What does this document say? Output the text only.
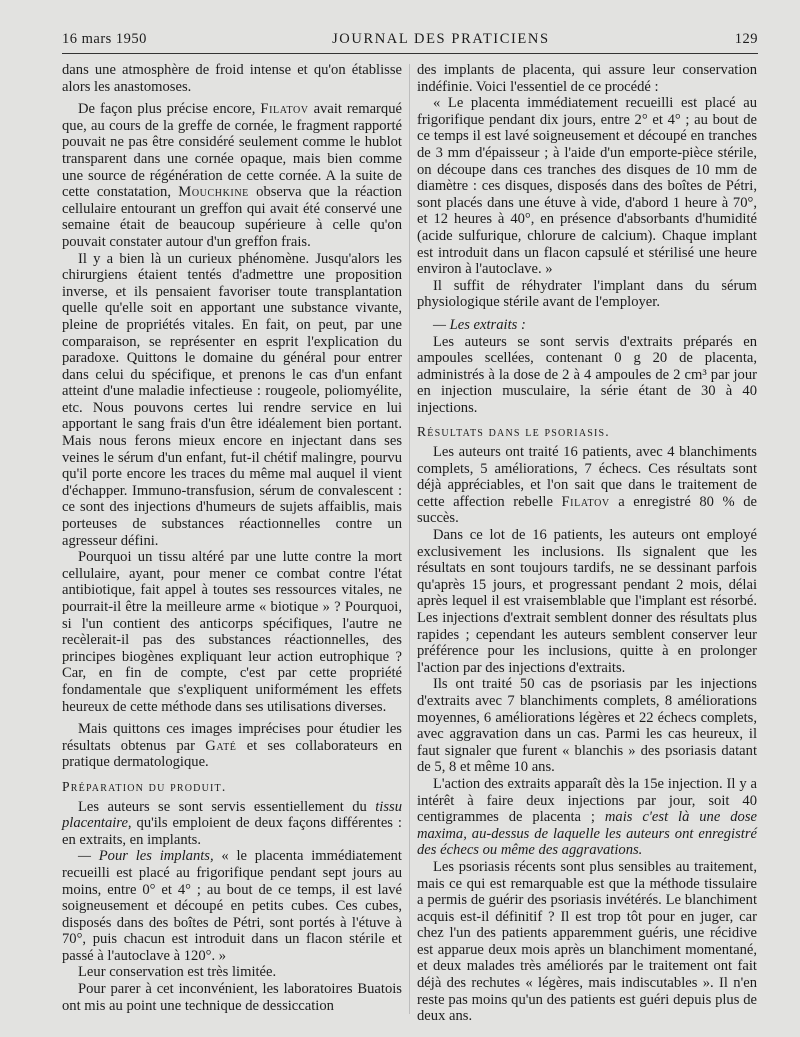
16 mars 1950	JOURNAL DES PRATICIENS	129

dans une atmosphère de froid intense et qu'on établisse alors les anastomoses.

De façon plus précise encore, Filatov avait remarqué que, au cours de la greffe de cornée, le fragment rapporté pouvait ne pas être considéré seulement comme le hublot transparent dans une cornée opaque, mais bien comme une source de régénération de cette cornée. A la suite de cette constatation, Mouchkine observa que la réaction cellulaire entourant un greffon qui avait été conservé une semaine était de beaucoup supérieure à celle qu'on pouvait constater autour d'un greffon frais.

Il y a bien là un curieux phénomène. Jusqu'alors les chirurgiens étaient tentés d'admettre une proposition inverse, et ils pensaient favoriser toute transplantation quelle qu'elle soit en apportant une substance vivante, pleine de propriétés vitales. En fait, on peut, par une comparaison, se représenter en esprit l'explication du paradoxe. Quittons le domaine du général pour entrer dans celui du spécifique, et prenons le cas d'un enfant atteint d'une maladie infectieuse : rougeole, poliomyélite, etc. Nous pouvons certes lui rendre service en lui apportant le sang frais d'un être idéalement bien portant. Mais nous ferons mieux encore en injectant dans ses veines le sérum d'un enfant, fut-il chétif malingre, pourvu qu'il porte encore les traces du même mal auquel il vient d'échapper. Immuno-transfusion, sérum de convalescent : ce sont des injections d'humeurs de sujets affaiblis, mais porteuses de substances réactionnelles contre un agresseur défini.

Pourquoi un tissu altéré par une lutte contre la mort cellulaire, ayant, pour mener ce combat contre l'état antibiotique, fait appel à toutes ses ressources vitales, ne pourrait-il être la meilleure arme « biotique » ? Pourquoi, si l'un contient des anticorps spécifiques, l'autre ne recèlerait-il pas des substances réactionnelles, des principes biogènes expliquant leur action eutrophique ? Car, en fin de compte, c'est par cette propriété fondamentale que s'expliquent uniformément les effets heureux de cette méthode dans ses utilisations diverses.

Mais quittons ces images imprécises pour étudier les résultats obtenus par Gaté et ses collaborateurs en pratique dermatologique.

Préparation du produit.

Les auteurs se sont servis essentiellement du tissu placentaire, qu'ils emploient de deux façons différentes : en extraits, en implants.

— Pour les implants, « le placenta immédiatement recueilli est placé au frigorifique pendant sept jours au moins, entre 0° et 4° ; au bout de ce temps, il est lavé soigneusement et découpé en petits cubes. Ces cubes, disposés dans des boîtes de Pétri, sont portés à l'étuve à 70°, puis chacun est introduit dans un flacon stérile et passé à l'autoclave à 120°. »

Leur conservation est très limitée.

Pour parer à cet inconvénient, les laboratoires Buatois ont mis au point une technique de dessiccation

des implants de placenta, qui assure leur conservation indéfinie. Voici l'essentiel de ce procédé :

« Le placenta immédiatement recueilli est placé au frigorifique pendant dix jours, entre 2° et 4° ; au bout de ce temps il est lavé soigneusement et découpé en tranches de 3 mm d'épaisseur ; à l'aide d'un emporte-pièce stérile, on découpe dans ces tranches des disques de 10 mm de diamètre : ces disques, disposés dans des boîtes de Pétri, sont placés dans une étuve à vide, d'abord 1 heure à 70°, et 12 heures à 40°, en présence d'absorbants d'humidité (acide sulfurique, chlorure de calcium). Chaque implant est introduit dans un flacon capsulé et stérilisé une heure environ à l'autoclave. »

Il suffit de réhydrater l'implant dans du sérum physiologique stérile avant de l'employer.

— Les extraits :

Les auteurs se sont servis d'extraits préparés en ampoules scellées, contenant 0 g 20 de placenta, administrés à la dose de 2 à 4 ampoules de 2 cm³ par jour en injection musculaire, la série étant de 30 à 40 injections.

Résultats dans le psoriasis.

Les auteurs ont traité 16 patients, avec 4 blanchiments complets, 5 améliorations, 7 échecs. Ces résultats sont déjà appréciables, et l'on sait que dans le traitement de cette affection rebelle Filatov a enregistré 80 % de succès.

Dans ce lot de 16 patients, les auteurs ont employé exclusivement les inclusions. Ils signalent que les résultats en sont toujours tardifs, ne se dessinant parfois qu'après 15 jours, et progressant pendant 2 mois, délai après lequel il est vraisemblable que l'implant est résorbé. Les injections d'extrait semblent donner des résultats plus rapides ; cependant les auteurs semblent conserver leur préférence pour les inclusions, quitte à en prolonger l'action par des injections d'extraits.

Ils ont traité 50 cas de psoriasis par les injections d'extraits avec 7 blanchiments complets, 8 améliorations moyennes, 6 améliorations légères et 22 échecs complets, avec aggravation dans un cas. Parmi les cas heureux, il faut signaler que furent « blanchis » des psoriasis datant de 5, 8 et même 10 ans.

L'action des extraits apparaît dès la 15e injection. Il y a intérêt à faire deux injections par jour, soit 40 centigrammes de placenta ; mais c'est là une dose maxima, au-dessus de laquelle les auteurs ont enregistré des échecs ou même des aggravations.

Les psoriasis récents sont plus sensibles au traitement, mais ce qui est remarquable est que la méthode tissulaire a permis de guérir des psoriasis invétérés. Le blanchiment acquis est-il définitif ? Il est trop tôt pour en juger, car chez l'un des patients apparemment guéris, une récidive est apparue deux mois après un blanchiment momentané, et deux malades très améliorés par le traitement ont fait déjà des rechutes « légères, mais indiscutables ». Il n'en reste pas moins qu'un des patients est guéri depuis plus de deux ans.
